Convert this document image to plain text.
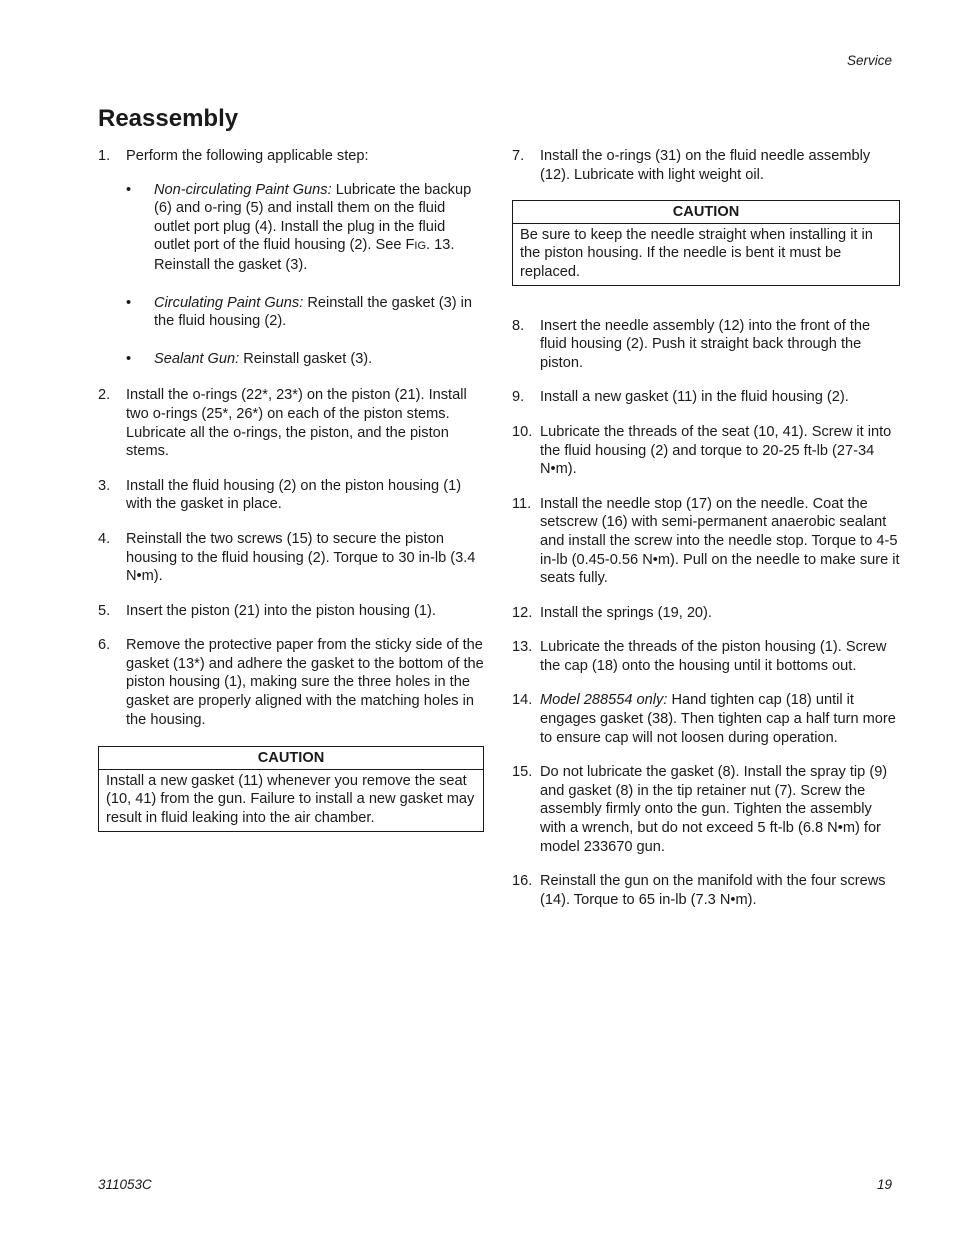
Service
Reassembly
1. Perform the following applicable step:
• Non-circulating Paint Guns: Lubricate the backup (6) and o-ring (5) and install them on the fluid outlet port plug (4). Install the plug in the fluid outlet port of the fluid housing (2). See FIG. 13. Reinstall the gasket (3).
• Circulating Paint Guns: Reinstall the gasket (3) in the fluid housing (2).
• Sealant Gun: Reinstall gasket (3).
2. Install the o-rings (22*, 23*) on the piston (21). Install two o-rings (25*, 26*) on each of the piston stems. Lubricate all the o-rings, the piston, and the piston stems.
3. Install the fluid housing (2) on the piston housing (1) with the gasket in place.
4. Reinstall the two screws (15) to secure the piston housing to the fluid housing (2). Torque to 30 in-lb (3.4 N•m).
5. Insert the piston (21) into the piston housing (1).
6. Remove the protective paper from the sticky side of the gasket (13*) and adhere the gasket to the bottom of the piston housing (1), making sure the three holes in the gasket are properly aligned with the matching holes in the housing.
CAUTION
Install a new gasket (11) whenever you remove the seat (10, 41) from the gun. Failure to install a new gasket may result in fluid leaking into the air chamber.
7. Install the o-rings (31) on the fluid needle assembly (12). Lubricate with light weight oil.
CAUTION
Be sure to keep the needle straight when installing it in the piston housing. If the needle is bent it must be replaced.
8. Insert the needle assembly (12) into the front of the fluid housing (2). Push it straight back through the piston.
9. Install a new gasket (11) in the fluid housing (2).
10. Lubricate the threads of the seat (10, 41). Screw it into the fluid housing (2) and torque to 20-25 ft-lb (27-34 N•m).
11. Install the needle stop (17) on the needle. Coat the setscrew (16) with semi-permanent anaerobic sealant and install the screw into the needle stop. Torque to 4-5 in-lb (0.45-0.56 N•m). Pull on the needle to make sure it seats fully.
12. Install the springs (19, 20).
13. Lubricate the threads of the piston housing (1). Screw the cap (18) onto the housing until it bottoms out.
14. Model 288554 only: Hand tighten cap (18) until it engages gasket (38). Then tighten cap a half turn more to ensure cap will not loosen during operation.
15. Do not lubricate the gasket (8). Install the spray tip (9) and gasket (8) in the tip retainer nut (7). Screw the assembly firmly onto the gun. Tighten the assembly with a wrench, but do not exceed 5 ft-lb (6.8 N•m) for model 233670 gun.
16. Reinstall the gun on the manifold with the four screws (14). Torque to 65 in-lb (7.3 N•m).
311053C	19
